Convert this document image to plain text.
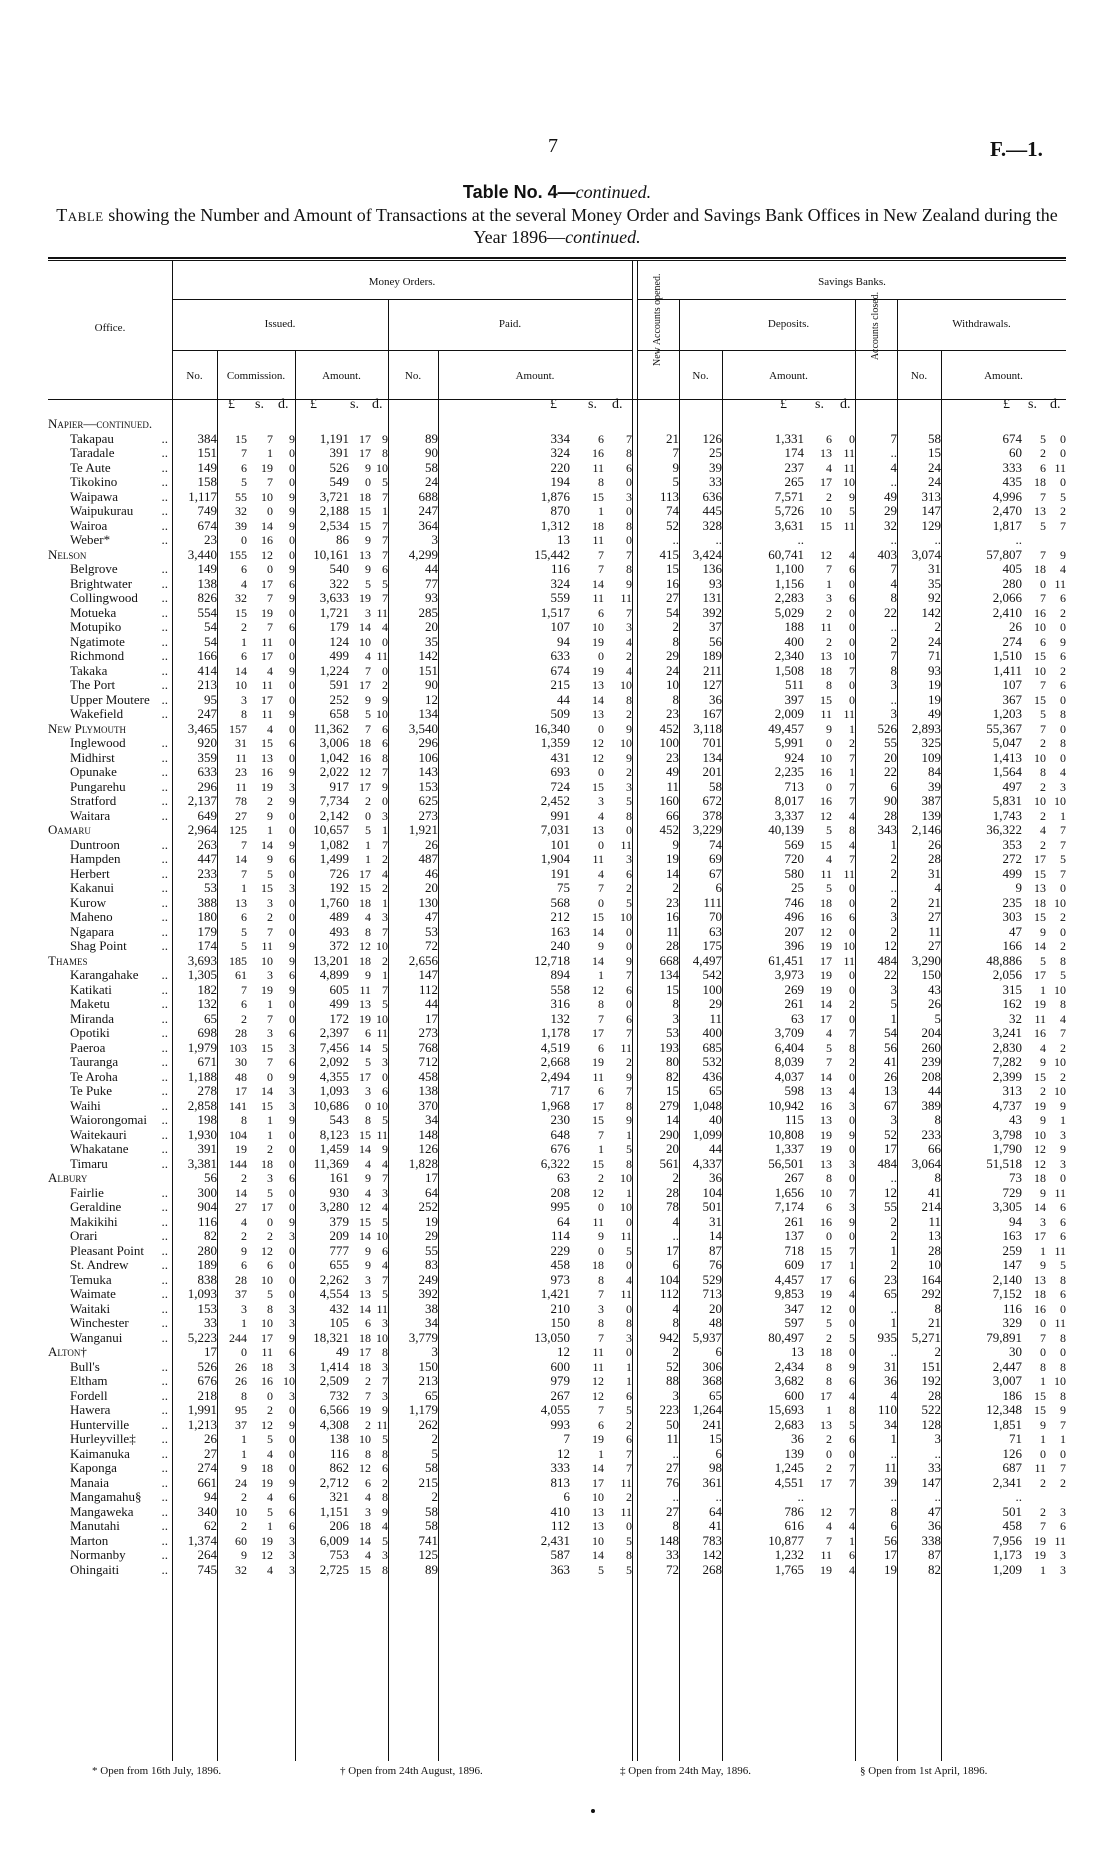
7	F.—1.
Table No. 4—continued.
Table showing the Number and Amount of Transactions at the several Money Order and Savings Bank Offices in New Zealand during the Year 1896—continued.
Office.
Money Orders.	Savings Banks.
Issued.	Paid.	Deposits.	Withdrawals.
New Accounts opened.	Accounts closed.
No.	Commission.	Amount.	No.	Amount.	No.	Amount.	No.	Amount.
£ s. d. £ s. d.	£ s. d.	£ s. d.	£ s. d.
Napier—continued.																					

..
Takapau	384	15	7	9	1,191	17	9	89	334	6	7	21	126	1,331	6	0	7	58	674	5	0

..
Taradale	151	7	1	0	391	17	8	90	324	16	8	7	25	174	13	11	..	15	60	2	0

..
Te Aute	149	6	19	0	526	9	10	58	220	11	6	9	39	237	4	11	4	24	333	6	11

..
Tikokino	158	5	7	0	549	0	5	24	194	8	0	5	33	265	17	10	..	24	435	18	0

..
Waipawa	1,117	55	10	9	3,721	18	7	688	1,876	15	3	113	636	7,571	2	9	49	313	4,996	7	5

..
Waipukurau	749	32	0	9	2,188	15	1	247	870	1	0	74	445	5,726	10	5	29	147	2,470	13	2

..
Wairoa	674	39	14	9	2,534	15	7	364	1,312	18	8	52	328	3,631	15	11	32	129	1,817	5	7

..
Weber*	23	0	16	0	86	9	7	3	13	11	0	..	..	..			..	..	..		
Nelson	3,440	155	12	0	10,161	13	7	4,299	15,442	7	7	415	3,424	60,741	12	4	403	3,074	57,807	7	9

..
Belgrove	149	6	0	9	540	9	6	44	116	7	8	15	136	1,100	7	6	7	31	405	18	4

..
Brightwater	138	4	17	6	322	5	5	77	324	14	9	16	93	1,156	1	0	4	35	280	0	11

..
Collingwood	826	32	7	9	3,633	19	7	93	559	11	11	27	131	2,283	3	6	8	92	2,066	7	6

..
Motueka	554	15	19	0	1,721	3	11	285	1,517	6	7	54	392	5,029	2	0	22	142	2,410	16	2

..
Motupiko	54	2	7	6	179	14	4	20	107	10	3	2	37	188	11	0	..	2	26	10	0

..
Ngatimote	54	1	11	0	124	10	0	35	94	19	4	8	56	400	2	0	2	24	274	6	9

..
Richmond	166	6	17	0	499	4	11	142	633	0	2	29	189	2,340	13	10	7	71	1,510	15	6

..
Takaka	414	14	4	9	1,224	7	0	151	674	19	4	24	211	1,508	18	7	8	93	1,411	10	2

..
The Port	213	10	11	0	591	17	2	90	215	13	10	10	127	511	8	0	3	19	107	7	6

..
Upper Moutere	95	3	17	0	252	9	9	12	44	14	8	8	36	397	15	0	..	19	367	15	0

..
Wakefield	247	8	11	9	658	5	10	134	509	13	2	23	167	2,009	11	11	3	49	1,203	5	8
New Plymouth	3,465	157	4	0	11,362	7	6	3,540	16,340	0	9	452	3,118	49,457	9	1	526	2,893	55,367	7	0

..
Inglewood	920	31	15	6	3,006	18	6	296	1,359	12	10	100	701	5,991	0	2	55	325	5,047	2	8

..
Midhirst	359	11	13	0	1,042	16	8	106	431	12	9	23	134	924	10	7	20	109	1,413	10	0

..
Opunake	633	23	16	9	2,022	12	7	143	693	0	2	49	201	2,235	16	1	22	84	1,564	8	4

..
Pungarehu	296	11	19	3	917	17	9	153	724	15	3	11	58	713	0	7	6	39	497	2	3

..
Stratford	2,137	78	2	9	7,734	2	0	625	2,452	3	5	160	672	8,017	16	7	90	387	5,831	10	10

..
Waitara	649	27	9	0	2,142	0	3	273	991	4	8	66	378	3,337	12	4	28	139	1,743	2	1
Oamaru	2,964	125	1	0	10,657	5	1	1,921	7,031	13	0	452	3,229	40,139	5	8	343	2,146	36,322	4	7

..
Duntroon	263	7	14	9	1,082	1	7	26	101	0	11	9	74	569	15	4	1	26	353	2	7

..
Hampden	447	14	9	6	1,499	1	2	487	1,904	11	3	19	69	720	4	7	2	28	272	17	5

..
Herbert	233	7	5	0	726	17	4	46	191	4	6	14	67	580	11	11	2	31	499	15	7

..
Kakanui	53	1	15	3	192	15	2	20	75	7	2	2	6	25	5	0	..	4	9	13	0

..
Kurow	388	13	3	0	1,760	18	1	130	568	0	5	23	111	746	18	0	2	21	235	18	10

..
Maheno	180	6	2	0	489	4	3	47	212	15	10	16	70	496	16	6	3	27	303	15	2

..
Ngapara	179	5	7	0	493	8	7	53	163	14	0	11	63	207	12	0	2	11	47	9	0

..
Shag Point	174	5	11	9	372	12	10	72	240	9	0	28	175	396	19	10	12	27	166	14	2
Thames	3,693	185	10	9	13,201	18	2	2,656	12,718	14	9	668	4,497	61,451	17	11	484	3,290	48,886	5	8

..
Karangahake	1,305	61	3	6	4,899	9	1	147	894	1	7	134	542	3,973	19	0	22	150	2,056	17	5

..
Katikati	182	7	19	9	605	11	7	112	558	12	6	15	100	269	19	0	3	43	315	1	10

..
Maketu	132	6	1	0	499	13	5	44	316	8	0	8	29	261	14	2	5	26	162	19	8

..
Miranda	65	2	7	0	172	19	10	17	132	7	6	3	11	63	17	0	1	5	32	11	4

..
Opotiki	698	28	3	6	2,397	6	11	273	1,178	17	7	53	400	3,709	4	7	54	204	3,241	16	7

..
Paeroa	1,979	103	15	3	7,456	14	5	768	4,519	6	11	193	685	6,404	5	8	56	260	2,830	4	2

..
Tauranga	671	30	7	6	2,092	5	3	712	2,668	19	2	80	532	8,039	7	2	41	239	7,282	9	10

..
Te Aroha	1,188	48	0	9	4,355	17	0	458	2,494	11	9	82	436	4,037	14	0	26	208	2,399	15	2

..
Te Puke	278	17	14	3	1,093	3	6	138	717	6	7	15	65	598	13	4	13	44	313	2	10

..
Waihi	2,858	141	15	3	10,686	0	10	370	1,968	17	8	279	1,048	10,942	16	3	67	389	4,737	19	9

..
Waiorongomai	198	8	1	9	543	8	5	34	230	15	9	14	40	115	13	0	3	8	43	9	1

..
Waitekauri	1,930	104	1	0	8,123	15	11	148	648	7	1	290	1,099	10,808	19	9	52	233	3,798	10	3

..
Whakatane	391	19	2	0	1,459	14	9	126	676	1	5	20	44	1,337	19	0	17	66	1,790	12	9

..
Timaru	3,381	144	18	0	11,369	4	4	1,828	6,322	15	8	561	4,337	56,501	13	3	484	3,064	51,518	12	3
Albury	56	2	3	6	161	9	7	17	63	2	10	2	36	267	8	0	..	8	73	18	0

..
Fairlie	300	14	5	0	930	4	3	64	208	12	1	28	104	1,656	10	7	12	41	729	9	11

..
Geraldine	904	27	17	0	3,280	12	4	252	995	0	10	78	501	7,174	6	3	55	214	3,305	14	6

..
Makikihi	116	4	0	9	379	15	5	19	64	11	0	4	31	261	16	9	2	11	94	3	6

..
Orari	82	2	2	3	209	14	10	29	114	9	11	..	14	137	0	0	2	13	163	17	6

..
Pleasant Point	280	9	12	0	777	9	6	55	229	0	5	17	87	718	15	7	1	28	259	1	11

..
St. Andrew	189	6	6	0	655	9	4	83	458	18	0	6	76	609	17	1	2	10	147	9	5

..
Temuka	838	28	10	0	2,262	3	7	249	973	8	4	104	529	4,457	17	6	23	164	2,140	13	8

..
Waimate	1,093	37	5	0	4,554	13	5	392	1,421	7	11	112	713	9,853	19	4	65	292	7,152	18	6

..
Waitaki	153	3	8	3	432	14	11	38	210	3	0	4	20	347	12	0	..	8	116	16	0

..
Winchester	33	1	10	3	105	6	3	34	150	8	8	8	48	597	5	0	1	21	329	0	11

..
Wanganui	5,223	244	17	9	18,321	18	10	3,779	13,050	7	3	942	5,937	80,497	2	5	935	5,271	79,891	7	8
Alton†	17	0	11	6	49	17	8	3	12	11	0	2	6	13	18	0	..	2	30	0	0

..
Bull's	526	26	18	3	1,414	18	3	150	600	11	1	52	306	2,434	8	9	31	151	2,447	8	8

..
Eltham	676	26	16	10	2,509	2	7	213	979	12	1	88	368	3,682	8	6	36	192	3,007	1	10

..
Fordell	218	8	0	3	732	7	3	65	267	12	6	3	65	600	17	4	4	28	186	15	8

..
Hawera	1,991	95	2	0	6,566	19	9	1,179	4,055	7	5	223	1,264	15,693	1	8	110	522	12,348	15	9

..
Hunterville	1,213	37	12	9	4,308	2	11	262	993	6	2	50	241	2,683	13	5	34	128	1,851	9	7

..
Hurleyville‡	26	1	5	0	138	10	5	2	7	19	6	11	15	36	2	6	1	3	71	1	1

..
Kaimanuka	27	1	4	0	116	8	8	5	12	1	7	..	6	139	0	0	..	..	126	0	0

..
Kaponga	274	9	18	0	862	12	6	58	333	14	7	27	98	1,245	2	7	11	33	687	11	7

..
Manaia	661	24	19	9	2,712	6	2	215	813	17	11	76	361	4,551	17	7	39	147	2,341	2	2

..
Mangamahu§	94	2	4	6	321	4	8	2	6	10	2	..	..	..			..	..	..		

..
Mangaweka	340	10	5	6	1,151	3	9	58	410	13	11	27	64	786	12	7	8	47	501	2	3

..
Manutahi	62	2	1	6	206	18	4	58	112	13	0	8	41	616	4	4	6	36	458	7	6

..
Marton	1,374	60	19	3	6,009	14	5	741	2,431	10	5	148	783	10,877	7	1	56	338	7,956	19	11

..
Normanby	264	9	12	3	753	4	3	125	587	14	8	33	142	1,232	11	6	17	87	1,173	19	3

..
Ohingaiti	745	32	4	3	2,725	15	8	89	363	5	5	72	268	1,765	19	4	19	82	1,209	1	3
* Open from 16th July, 1896.	† Open from 24th August, 1896.	‡ Open from 24th May, 1896.	§ Open from 1st April, 1896.
